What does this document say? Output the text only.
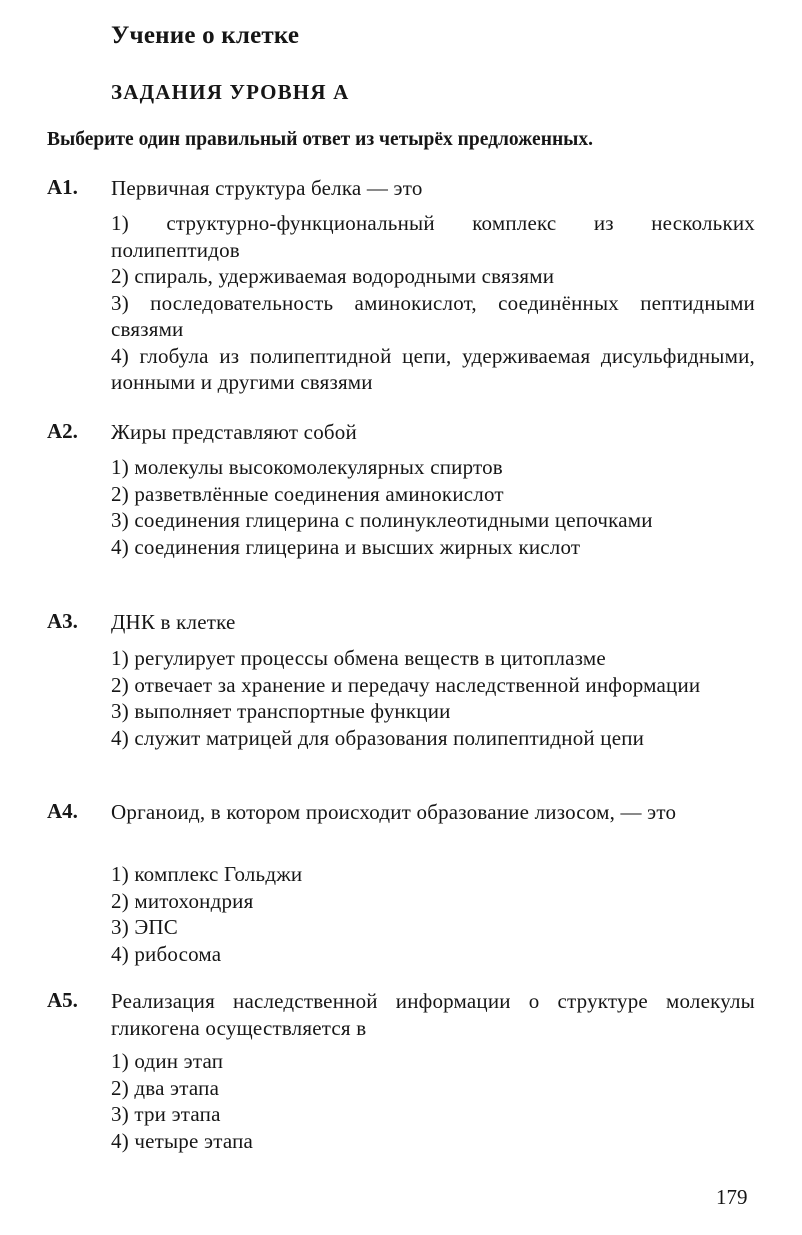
Учение о клетке
ЗАДАНИЯ УРОВНЯ А
Выберите один правильный ответ из четырёх предложенных.
А1. Первичная структура белка — это
1) структурно-функциональный комплекс из нескольких полипептидов
2) спираль, удерживаемая водородными связями
3) последовательность аминокислот, соединённых пептидными связями
4) глобула из полипептидной цепи, удерживаемая дисульфидными, ионными и другими связями
А2. Жиры представляют собой
1) молекулы высокомолекулярных спиртов
2) разветвлённые соединения аминокислот
3) соединения глицерина с полинуклеотидными цепочками
4) соединения глицерина и высших жирных кислот
А3. ДНК в клетке
1) регулирует процессы обмена веществ в цитоплазме
2) отвечает за хранение и передачу наследственной информации
3) выполняет транспортные функции
4) служит матрицей для образования полипептидной цепи
А4. Органоид, в котором происходит образование лизосом, — это
1) комплекс Гольджи
2) митохондрия
3) ЭПС
4) рибосома
А5. Реализация наследственной информации о структуре молекулы гликогена осуществляется в
1) один этап
2) два этапа
3) три этапа
4) четыре этапа
179
